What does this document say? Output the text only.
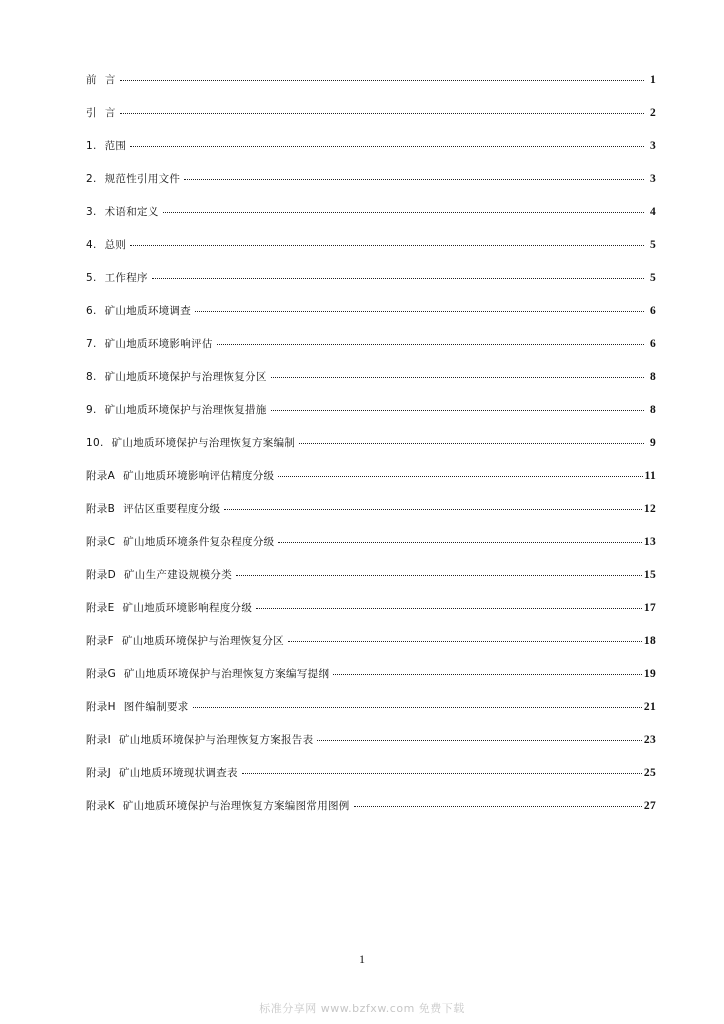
前 言	1
引 言	2
1. 范围	3
2. 规范性引用文件	3
3. 术语和定义	4
4. 总则	5
5. 工作程序	5
6. 矿山地质环境调查	6
7. 矿山地质环境影响评估	6
8. 矿山地质环境保护与治理恢复分区	8
9. 矿山地质环境保护与治理恢复措施	8
10. 矿山地质环境保护与治理恢复方案编制	9
附录A 矿山地质环境影响评估精度分级	11
附录B 评估区重要程度分级	12
附录C 矿山地质环境条件复杂程度分级	13
附录D 矿山生产建设规模分类	15
附录E 矿山地质环境影响程度分级	17
附录F 矿山地质环境保护与治理恢复分区	18
附录G 矿山地质环境保护与治理恢复方案编写提纲	19
附录H 图件编制要求	21
附录I 矿山地质环境保护与治理恢复方案报告表	23
附录J 矿山地质环境现状调查表	25
附录K 矿山地质环境保护与治理恢复方案编图常用图例	27
1
标准分享网 www.bzfxw.com 免费下载
